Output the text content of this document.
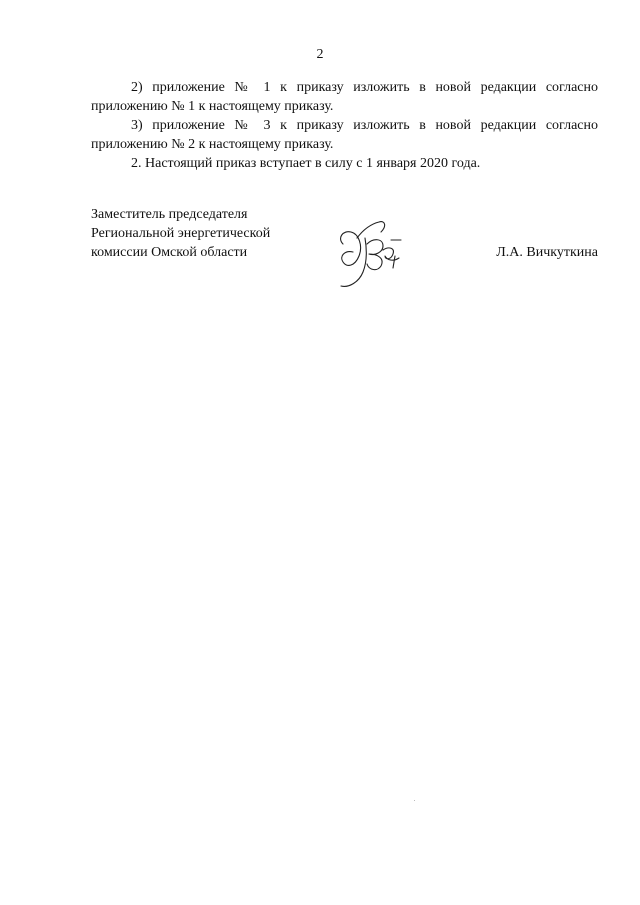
2

2) приложение № 1 к приказу изложить в новой редакции согласно приложению № 1 к настоящему приказу.

3) приложение № 3 к приказу изложить в новой редакции согласно приложению № 2 к настоящему приказу.

2. Настоящий приказ вступает в силу с 1 января 2020 года.

Заместитель председателя
Региональной энергетической
комиссии Омской области	Л.А. Вичкуткина
